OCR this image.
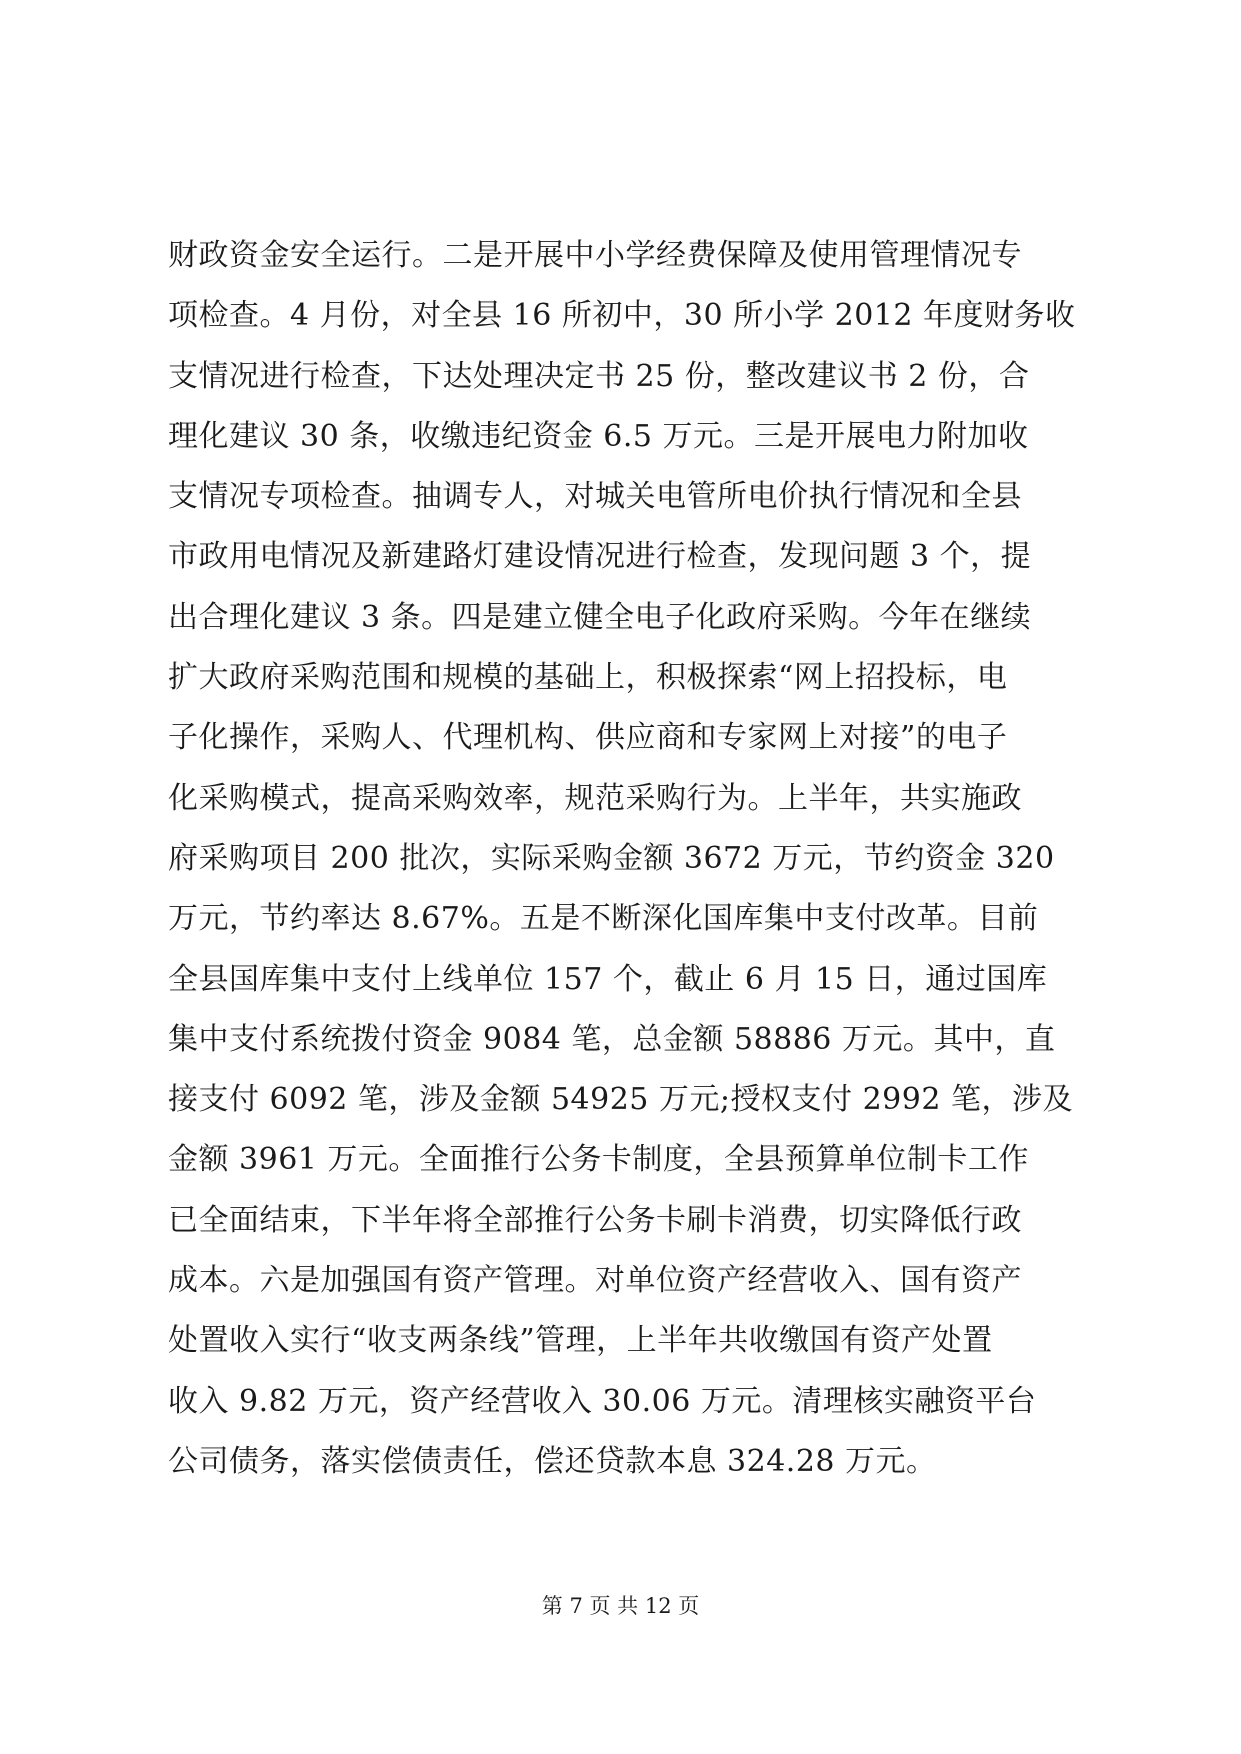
财政资金安全运行。二是开展中小学经费保障及使用管理情况专
项检查。4 月份，对全县 16 所初中，30 所小学 2012 年度财务收
支情况进行检查，下达处理决定书 25 份，整改建议书 2 份，合
理化建议 30 条，收缴违纪资金 6.5 万元。三是开展电力附加收
支情况专项检查。抽调专人，对城关电管所电价执行情况和全县
市政用电情况及新建路灯建设情况进行检查，发现问题 3 个，提
出合理化建议 3 条。四是建立健全电子化政府采购。今年在继续
扩大政府采购范围和规模的基础上，积极探索“网上招投标，电
子化操作，采购人、代理机构、供应商和专家网上对接”的电子
化采购模式，提高采购效率，规范采购行为。上半年，共实施政
府采购项目 200 批次，实际采购金额 3672 万元，节约资金 320
万元，节约率达 8.67%。五是不断深化国库集中支付改革。目前
全县国库集中支付上线单位 157 个，截止 6 月 15 日，通过国库
集中支付系统拨付资金 9084 笔，总金额 58886 万元。其中，直
接支付 6092 笔，涉及金额 54925 万元;授权支付 2992 笔，涉及
金额 3961 万元。全面推行公务卡制度，全县预算单位制卡工作
已全面结束，下半年将全部推行公务卡刷卡消费，切实降低行政
成本。六是加强国有资产管理。对单位资产经营收入、国有资产
处置收入实行“收支两条线”管理，上半年共收缴国有资产处置
收入 9.82 万元，资产经营收入 30.06 万元。清理核实融资平台
公司债务，落实偿债责任，偿还贷款本息 324.28 万元。
第 7 页 共 12 页
